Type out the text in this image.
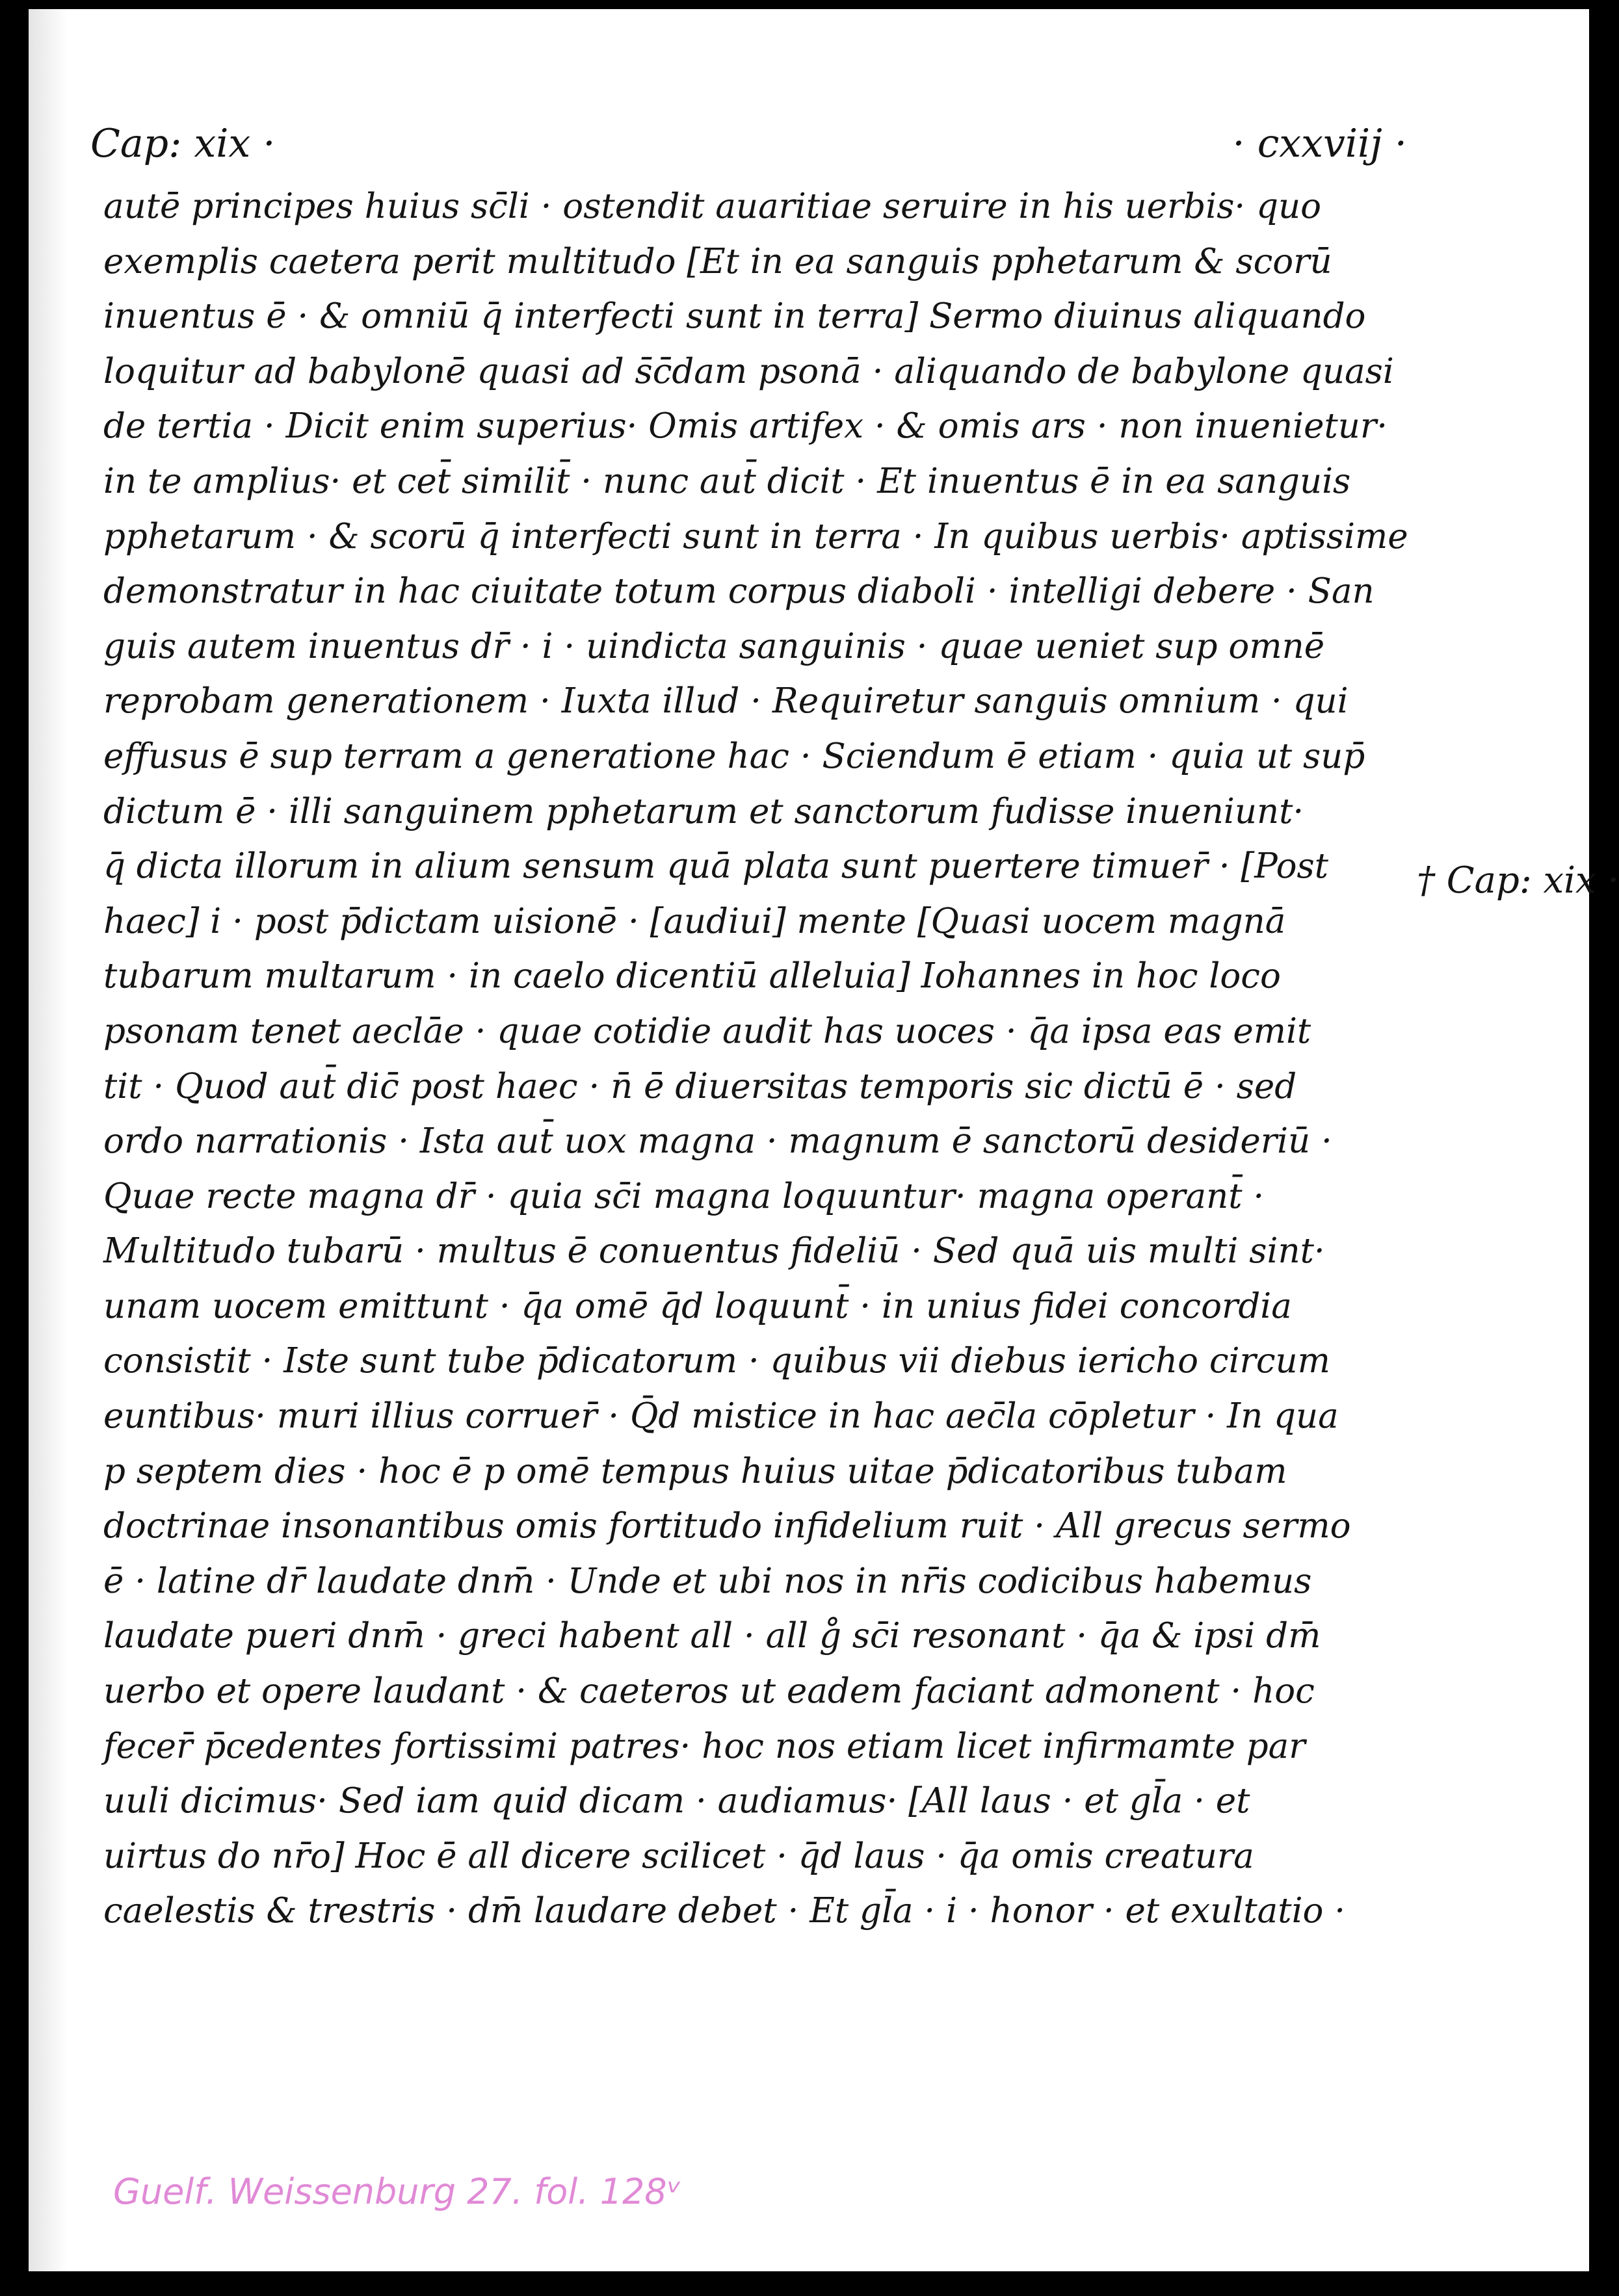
Cap: xix ·	· cxxviij ·
autē principes huius sc̄li · ostendit auaritiae seruire in his uerbis· quo
exemplis caetera perit multitudo [Et in ea sanguis pphetarum & scorū
inuentus ē · & omniū q̄ interfecti sunt in terra] Sermo diuinus aliquando
loquitur ad babylonē quasi ad s̄c̄dam psonā · aliquando de babylone quasi
de tertia · Dicit enim superius· Omis artifex · & omis ars · non inuenietur·
in te amplius· et cet̄ similit̄ · nunc aut̄ dicit · Et inuentus ē in ea sanguis
pphetarum · & scorū q̄ interfecti sunt in terra · In quibus uerbis· aptissime
demonstratur in hac ciuitate totum corpus diaboli · intelligi debere · San
guis autem inuentus dr̄ · i · uindicta sanguinis · quae ueniet sup omnē
reprobam generationem · Iuxta illud · Requiretur sanguis omnium · qui
effusus ē sup terram a generatione hac · Sciendum ē etiam · quia ut sup̄
dictum ē · illi sanguinem pphetarum et sanctorum fudisse inueniunt·
q̄ dicta illorum in alium sensum quā plata sunt puertere timuer̄ · [Post
haec] i · post p̄dictam uisionē · [audiui] mente [Quasi uocem magnā
tubarum multarum · in caelo dicentiū alleluia] Iohannes in hoc loco
psonam tenet aeclāe · quae cotidie audit has uoces · q̄a ipsa eas emit
tit · Quod aut̄ dic̄ post haec · n̄ ē diuersitas temporis sic dictū ē · sed
ordo narrationis · Ista aut̄ uox magna · magnum ē sanctorū desideriū ·
Quae recte magna dr̄ · quia sc̄i magna loquuntur· magna operant̄ ·
Multitudo tubarū · multus ē conuentus fideliū · Sed quā uis multi sint·
unam uocem emittunt · q̄a omē q̄d loquunt̄ · in unius fidei concordia
consistit · Iste sunt tube p̄dicatorum · quibus vii diebus iericho circum
euntibus· muri illius corruer̄ · Q̄d mistice in hac aec̄la cōpletur · In qua
p septem dies · hoc ē p omē tempus huius uitae p̄dicatoribus tubam
doctrinae insonantibus omis fortitudo infidelium ruit · All grecus sermo
ē · latine dr̄ laudate dnm̄ · Unde et ubi nos in nr̄is codicibus habemus
laudate pueri dnm̄ · greci habent all · all g̊ sc̄i resonant · q̄a & ipsi dm̄
uerbo et opere laudant · & caeteros ut eadem faciant admonent · hoc
fecer̄ p̄cedentes fortissimi patres· hoc nos etiam licet infirmamte par
uuli dicimus· Sed iam quid dicam · audiamus· [All laus · et gl̄a · et
uirtus do nr̄o] Hoc ē all dicere scilicet · q̄d laus · q̄a omis creatura
caelestis & trestris · dm̄ laudare debet · Et gl̄a · i · honor · et exultatio ·
† Cap: xix ·
Guelf. Weissenburg 27. fol. 128ᵛ
